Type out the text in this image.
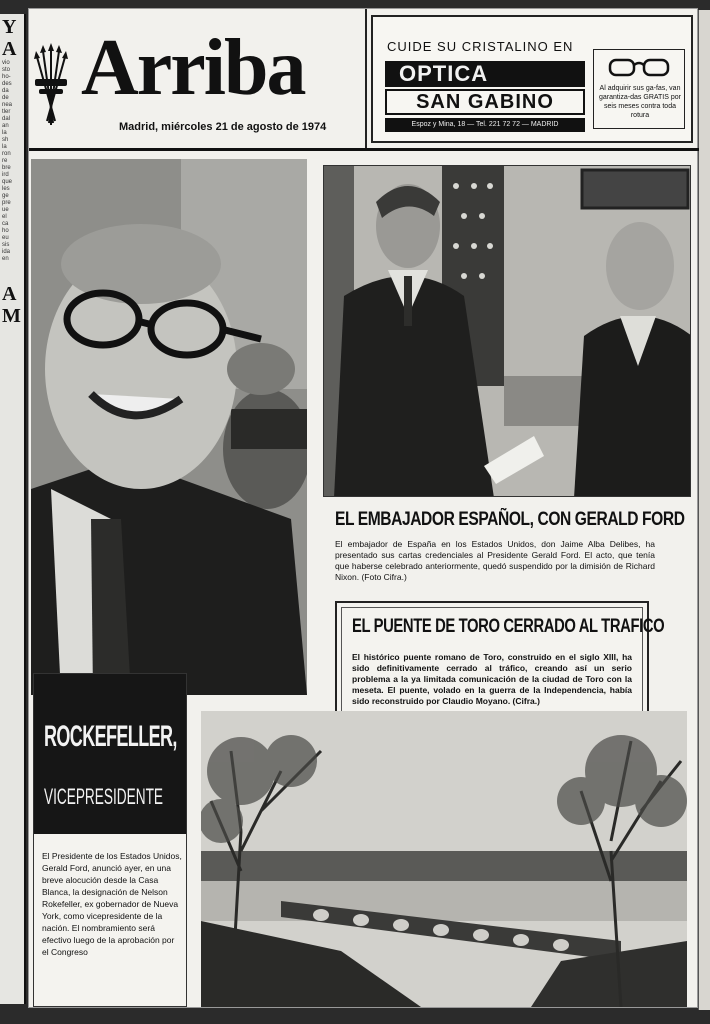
Y
A
vio
sto
ho-
des
da
de
nea
tler
dal
an
la
sh
la
ron
re
bre
ird
que
les
ge
pre
ue
el
ca
ho
eu
sis
ida
en
A
M
Arriba
Madrid, miércoles 21 de agosto de 1974
CUIDE SU CRISTALINO EN
OPTICA
SAN GABINO
Espoz y Mina, 18 — Tel. 221 72 72 — MADRID
Al adquirir sus ga-fas, van garantiza-das GRATIS por seis meses contra toda rotura
EL EMBAJADOR ESPAÑOL, CON GERALD FORD
El embajador de España en los Estados Unidos, don Jaime Alba Delibes, ha presentado sus cartas credenciales al Presidente Gerald Ford. El acto, que tenía que haberse celebrado anteriormente, quedó suspendido por la dimisión de Richard Nixon. (Foto Cifra.)
EL PUENTE DE TORO CERRADO AL TRAFICO
El histórico puente romano de Toro, construido en el siglo XIII, ha sido definitivamente cerrado al tráfico, creando así un serio problema a la ya limitada comunicación de la ciudad de Toro con la meseta. El puente, volado en la guerra de la Independencia, había sido reconstruido por Claudio Moyano. (Cifra.)
ROCKEFELLER,
VICEPRESIDENTE
El Presidente de los Estados Unidos, Gerald Ford, anunció ayer, en una breve alocución desde la Casa Blanca, la designación de Nelson Rokefeller, ex gobernador de Nueva York, como vicepresidente de la nación. El nombramiento será efectivo luego de la aprobación por el Congreso
